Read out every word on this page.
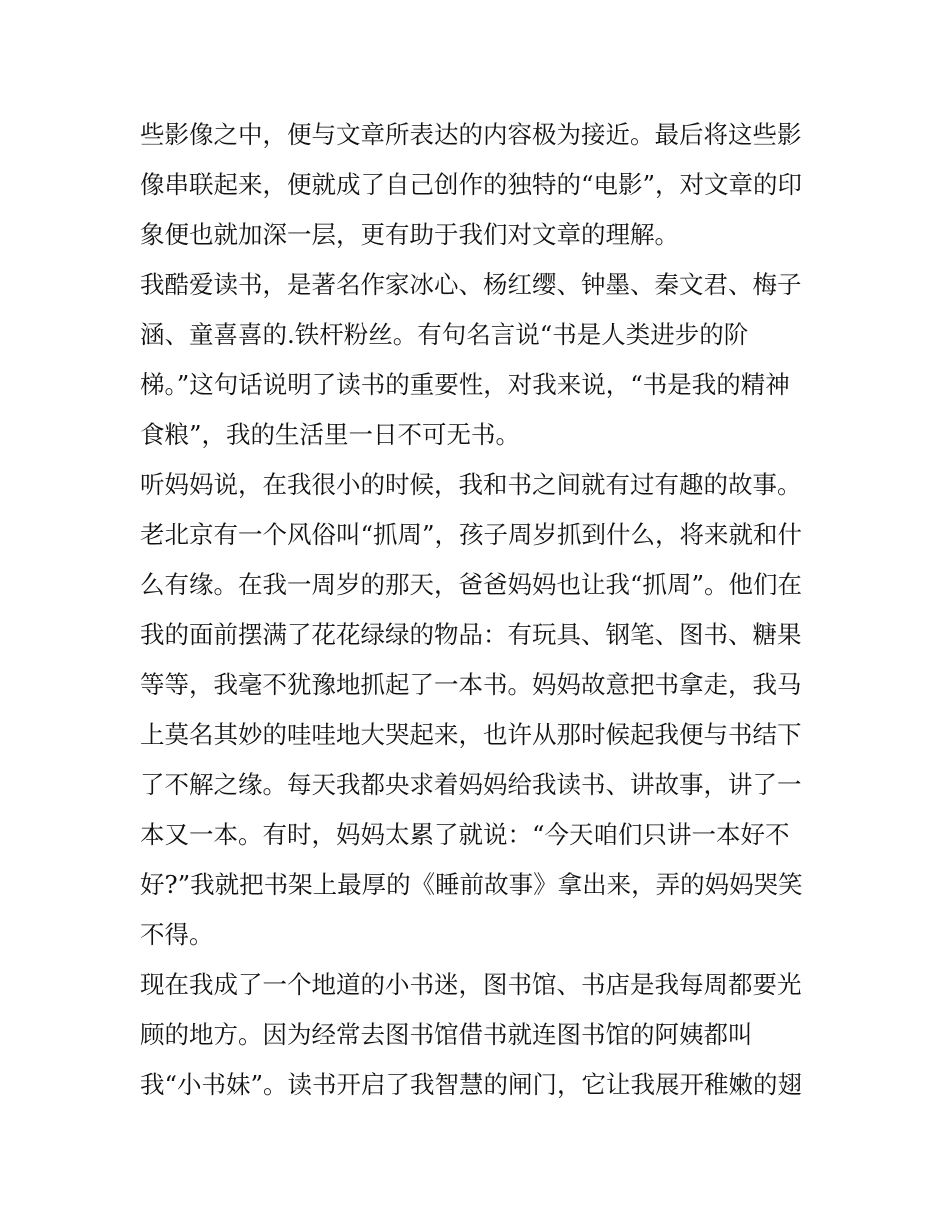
些影像之中，便与文章所表达的内容极为接近。最后将这些影
像串联起来，便就成了自己创作的独特的“电影”，对文章的印
象便也就加深一层，更有助于我们对文章的理解。
我酷爱读书，是著名作家冰心、杨红缨、钟墨、秦文君、梅子
涵、童喜喜的.铁杆粉丝。有句名言说“书是人类进步的阶
梯。”这句话说明了读书的重要性，对我来说，“书是我的精神
食粮”，我的生活里一日不可无书。
听妈妈说，在我很小的时候，我和书之间就有过有趣的故事。
老北京有一个风俗叫“抓周”，孩子周岁抓到什么，将来就和什
么有缘。在我一周岁的那天，爸爸妈妈也让我“抓周”。他们在
我的面前摆满了花花绿绿的物品：有玩具、钢笔、图书、糖果
等等，我毫不犹豫地抓起了一本书。妈妈故意把书拿走，我马
上莫名其妙的哇哇地大哭起来，也许从那时候起我便与书结下
了不解之缘。每天我都央求着妈妈给我读书、讲故事，讲了一
本又一本。有时，妈妈太累了就说：“今天咱们只讲一本好不
好?”我就把书架上最厚的《睡前故事》拿出来，弄的妈妈哭笑
不得。
现在我成了一个地道的小书迷，图书馆、书店是我每周都要光
顾的地方。因为经常去图书馆借书就连图书馆的阿姨都叫
我“小书妹”。读书开启了我智慧的闸门，它让我展开稚嫩的翅
